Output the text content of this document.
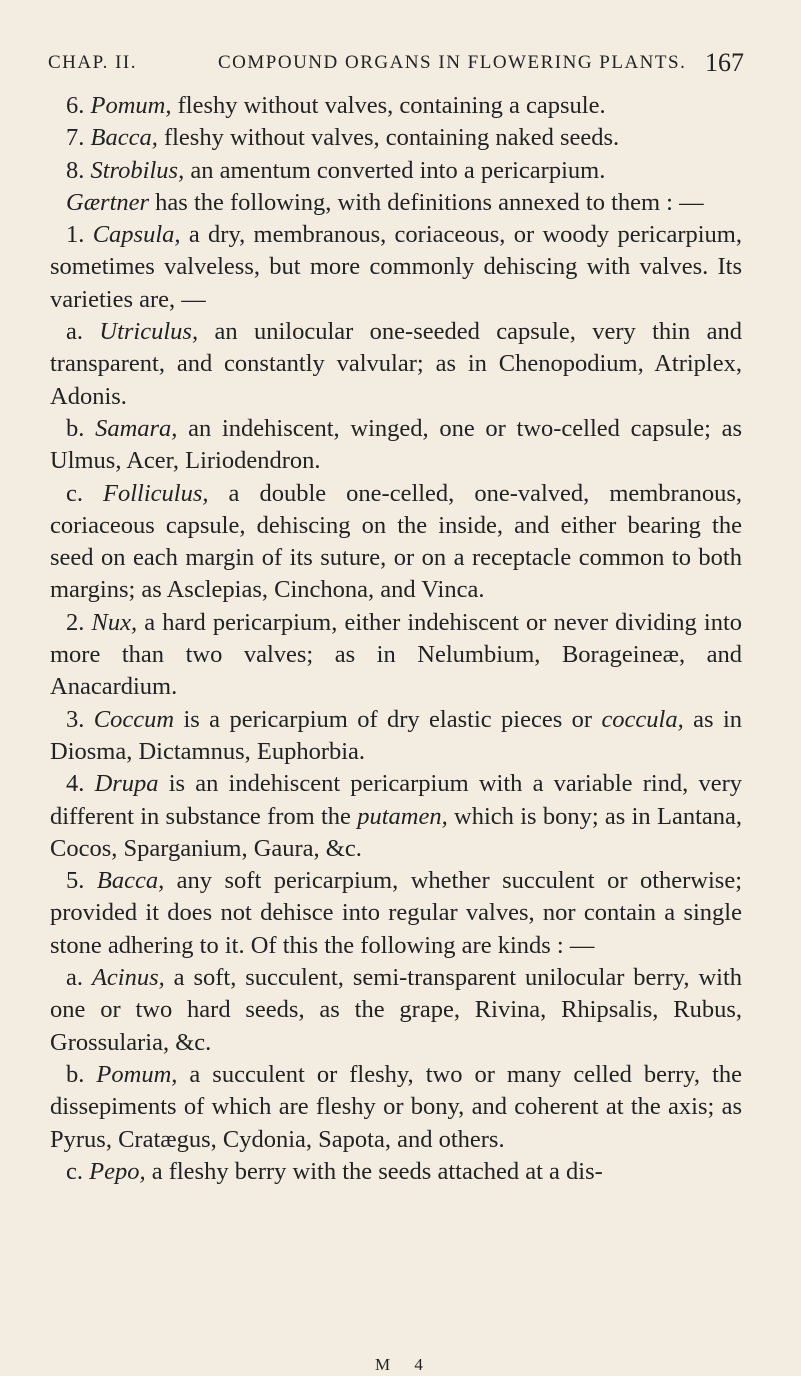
CHAP. II.	COMPOUND ORGANS IN FLOWERING PLANTS. 167

6. Pomum, fleshy without valves, containing a capsule.

7. Bacca, fleshy without valves, containing naked seeds.

8. Strobilus, an amentum converted into a pericarpium.

Gærtner has the following, with definitions annexed to them : —

1. Capsula, a dry, membranous, coriaceous, or woody pericarpium, sometimes valveless, but more commonly dehiscing with valves. Its varieties are, —

a. Utriculus, an unilocular one-seeded capsule, very thin and transparent, and constantly valvular; as in Chenopodium, Atriplex, Adonis.

b. Samara, an indehiscent, winged, one or two-celled capsule; as Ulmus, Acer, Liriodendron.

c. Folliculus, a double one-celled, one-valved, membranous, coriaceous capsule, dehiscing on the inside, and either bearing the seed on each margin of its suture, or on a receptacle common to both margins; as Asclepias, Cinchona, and Vinca.

2. Nux, a hard pericarpium, either indehiscent or never dividing into more than two valves; as in Nelumbium, Borageineæ, and Anacardium.

3. Coccum is a pericarpium of dry elastic pieces or coccula, as in Diosma, Dictamnus, Euphorbia.

4. Drupa is an indehiscent pericarpium with a variable rind, very different in substance from the putamen, which is bony; as in Lantana, Cocos, Sparganium, Gaura, &c.

5. Bacca, any soft pericarpium, whether succulent or otherwise; provided it does not dehisce into regular valves, nor contain a single stone adhering to it. Of this the following are kinds : —

a. Acinus, a soft, succulent, semi-transparent unilocular berry, with one or two hard seeds, as the grape, Rivina, Rhipsalis, Rubus, Grossularia, &c.

b. Pomum, a succulent or fleshy, two or many celled berry, the dissepiments of which are fleshy or bony, and coherent at the axis; as Pyrus, Cratægus, Cydonia, Sapota, and others.

c. Pepo, a fleshy berry with the seeds attached at a dis-

M 4
